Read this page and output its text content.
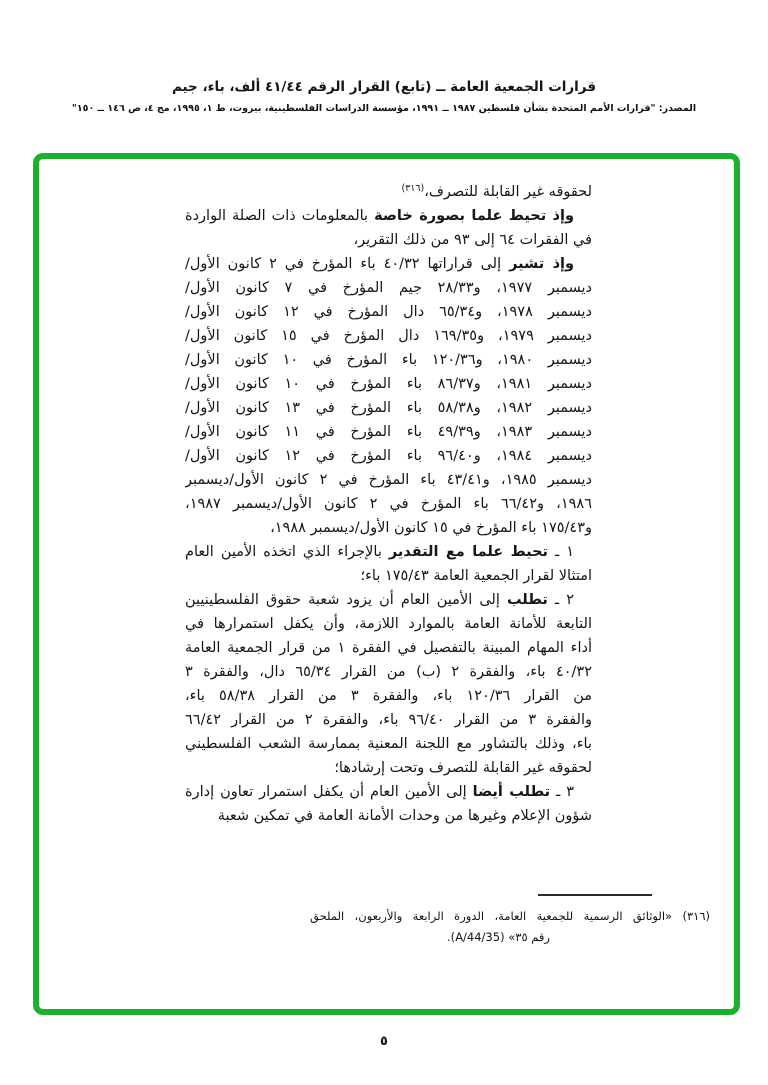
قرارات الجمعية العامة ــ (تابع) القرار الرقم ٤١/٤٤ ألف، باء، جيم
المصدر: "قرارات الأمم المتحدة بشأن فلسطين ١٩٨٧ ــ ١٩٩١، مؤسسة الدراسات الفلسطينية، بيروت، ط ١، ١٩٩٥، مج ٤، ص ١٤٦ ــ ١٥٠"
لحقوقه غير القابلة للتصرف،$^{(٣١٦)}$
وإذ تحيط علما بصورة خاصة بالمعلومات ذات الصلة الواردة
في الفقرات ٦٤ إلى ٩٣ من ذلك التقرير،
وإذ تشير إلى قراراتها ٤٠/٣٢ باء المؤرخ في ٢ كانون الأول/
ديسمبر ١٩٧٧، و٢٨/٣٣ جيم المؤرخ في ٧ كانون الأول/
ديسمبر ١٩٧٨، و٦٥/٣٤ دال المؤرخ في ١٢ كانون الأول/
ديسمبر ١٩٧٩، و١٦٩/٣٥ دال المؤرخ في ١٥ كانون الأول/
ديسمبر ١٩٨٠، و١٢٠/٣٦ باء المؤرخ في ١٠ كانون الأول/
ديسمبر ١٩٨١، و٨٦/٣٧ باء المؤرخ في ١٠ كانون الأول/
ديسمبر ١٩٨٢، و٥٨/٣٨ باء المؤرخ في ١٣ كانون الأول/
ديسمبر ١٩٨٣، و٤٩/٣٩ باء المؤرخ في ١١ كانون الأول/
ديسمبر ١٩٨٤، و٩٦/٤٠ باء المؤرخ في ١٢ كانون الأول/
ديسمبر ١٩٨٥، و٤٣/٤١ باء المؤرخ في ٢ كانون الأول/ديسمبر
١٩٨٦، و٦٦/٤٢ باء المؤرخ في ٢ كانون الأول/ديسمبر ١٩٨٧،
و١٧٥/٤٣ باء المؤرخ في ١٥ كانون الأول/ديسمبر ١٩٨٨،
١ ـ تحيط علما مع التقدير بالإجراء الذي اتخذه الأمين العام
امتثالا لقرار الجمعية العامة ١٧٥/٤٣ باء؛
٢ ـ تطلب إلى الأمين العام أن يزود شعبة حقوق الفلسطينيين
التابعة للأمانة العامة بالموارد اللازمة، وأن يكفل استمرارها في
أداء المهام المبينة بالتفصيل في الفقرة ١ من قرار الجمعية العامة
٤٠/٣٢ باء، والفقرة ٢ (ب) من القرار ٦٥/٣٤ دال، والفقرة ٣
من القرار ١٢٠/٣٦ باء، والفقرة ٣ من القرار ٥٨/٣٨ باء،
والفقرة ٣ من القرار ٩٦/٤٠ باء، والفقرة ٢ من القرار ٦٦/٤٢
باء، وذلك بالتشاور مع اللجنة المعنية بممارسة الشعب الفلسطيني
لحقوقه غير القابلة للتصرف وتحت إرشادها؛
٣ ـ تطلب أيضا إلى الأمين العام أن يكفل استمرار تعاون إدارة
شؤون الإعلام وغيرها من وحدات الأمانة العامة في تمكين شعبة
(٣١٦) «الوثائق الرسمية للجمعية العامة، الدورة الرابعة والأربعون، الملحق
رقم ٣٥» (A/44/35).
٥
